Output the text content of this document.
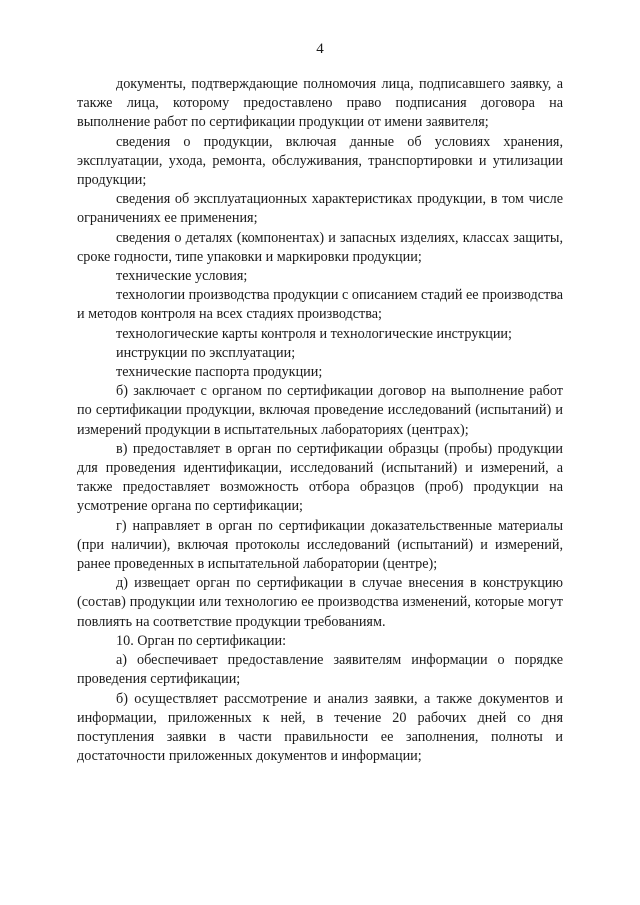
4

документы, подтверждающие полномочия лица, подписавшего заявку, а также лица, которому предоставлено право подписания договора на выполнение работ по сертификации продукции от имени заявителя;

сведения о продукции, включая данные об условиях хранения, эксплуатации, ухода, ремонта, обслуживания, транспортировки и утилизации продукции;

сведения об эксплуатационных характеристиках продукции, в том числе ограничениях ее применения;

сведения о деталях (компонентах) и запасных изделиях, классах защиты, сроке годности, типе упаковки и маркировки продукции;

технические условия;

технологии производства продукции с описанием стадий ее производства и методов контроля на всех стадиях производства;

технологические карты контроля и технологические инструкции;

инструкции по эксплуатации;

технические паспорта продукции;

б) заключает с органом по сертификации договор на выполнение работ по сертификации продукции, включая проведение исследований (испытаний) и измерений продукции в испытательных лабораториях (центрах);

в) предоставляет в орган по сертификации образцы (пробы) продукции для проведения идентификации, исследований (испытаний) и измерений, а также предоставляет возможность отбора образцов (проб) продукции на усмотрение органа по сертификации;

г) направляет в орган по сертификации доказательственные материалы (при наличии), включая протоколы исследований (испытаний) и измерений, ранее проведенных в испытательной лаборатории (центре);

д) извещает орган по сертификации в случае внесения в конструкцию (состав) продукции или технологию ее производства изменений, которые могут повлиять на соответствие продукции требованиям.

10. Орган по сертификации:

а) обеспечивает предоставление заявителям информации о порядке проведения сертификации;

б) осуществляет рассмотрение и анализ заявки, а также документов и информации, приложенных к ней, в течение 20 рабочих дней со дня поступления заявки в части правильности ее заполнения, полноты и достаточности приложенных документов и информации;
